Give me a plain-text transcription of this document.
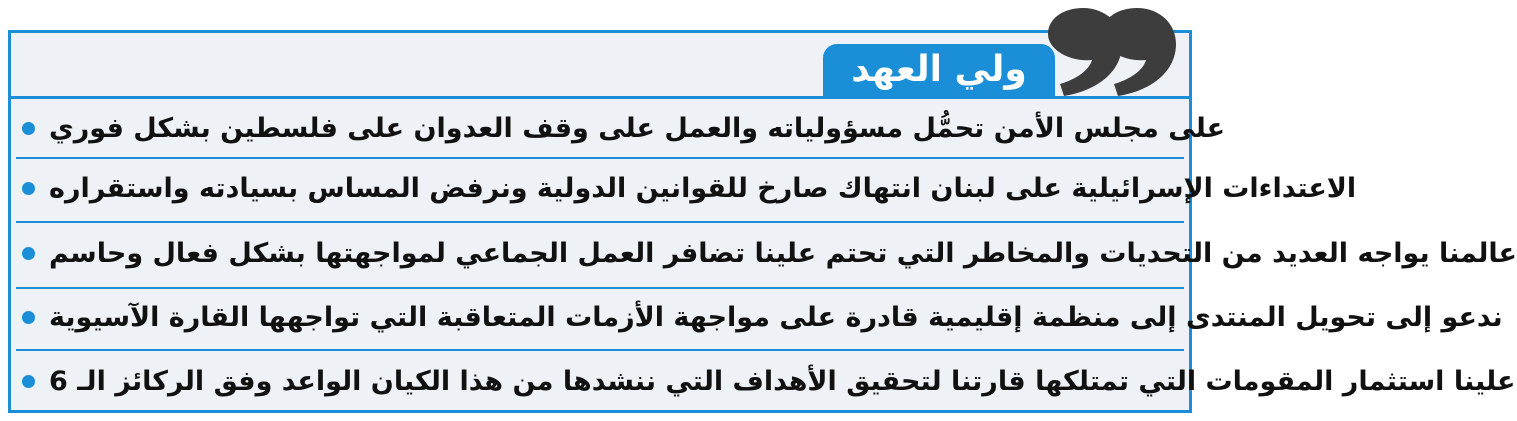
ولي العهد
على مجلس الأمن تحمُّل مسؤولياته والعمل على وقف العدوان على فلسطين بشكل فوري
الاعتداءات الإسرائيلية على لبنان انتهاك صارخ للقوانين الدولية ونرفض المساس بسيادته واستقراره
عالمنا يواجه العديد من التحديات والمخاطر التي تحتم علينا تضافر العمل الجماعي لمواجهتها بشكل فعال وحاسم
ندعو إلى تحويل المنتدى إلى منظمة إقليمية قادرة على مواجهة الأزمات المتعاقبة التي تواجهها القارة الآسيوية
علينا استثمار المقومات التي تمتلكها قارتنا لتحقيق الأهداف التي ننشدها من هذا الكيان الواعد وفق الركائز الـ 6
